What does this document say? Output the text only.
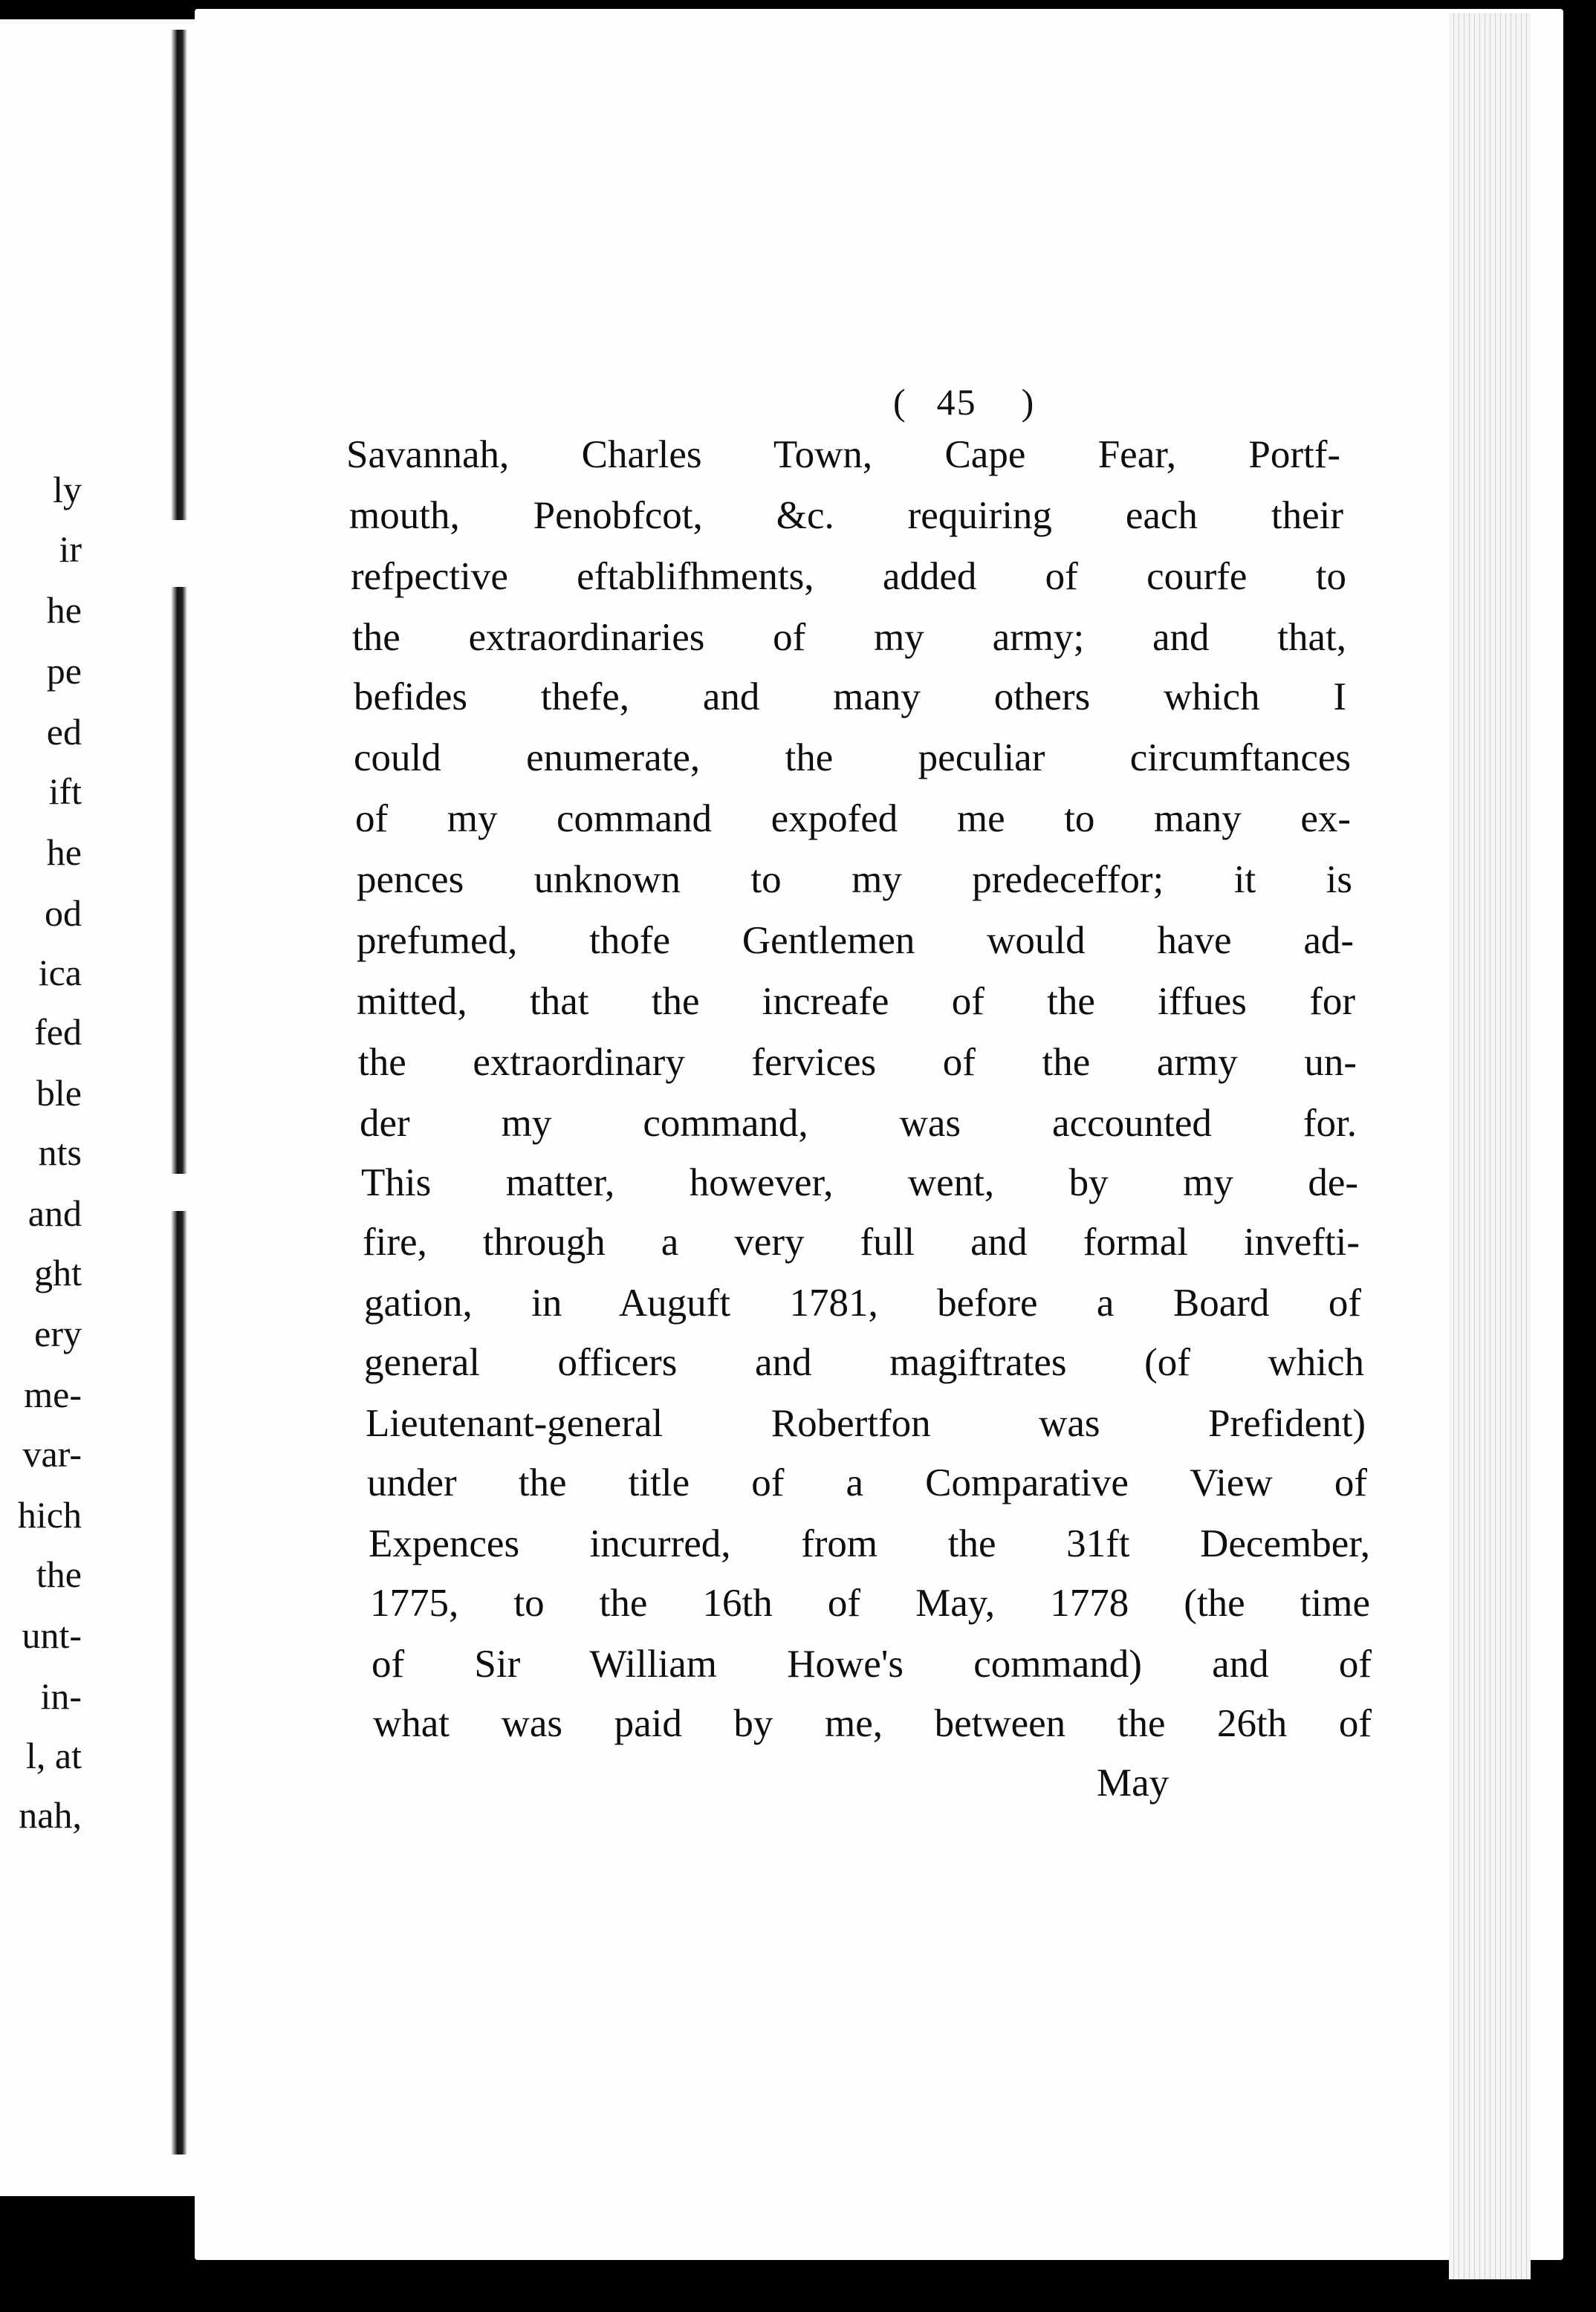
ly
ir
he
pe
ed
ift
he
od
ica
fed
ble
nts
and
ght
ery
me-
var-
hich
the
unt-
in-
l, at
nah,
( 45 )
Savannah, Charles Town, Cape Fear, Portf-
mouth, Penobfcot, &c. requiring each their
refpective eftablifhments, added of courfe to
the extraordinaries of my army; and that,
befides thefe, and many others which I
could enumerate, the peculiar circumftances
of my command expofed me to many ex-
pences unknown to my predeceffor; it is
prefumed, thofe Gentlemen would have ad-
mitted, that the increafe of the iffues for
the extraordinary fervices of the army un-
der my command, was accounted for.
This matter, however, went, by my de-
fire, through a very full and formal invefti-
gation, in Auguft 1781, before a Board of
general officers and magiftrates (of which
Lieutenant-general Robertfon was Prefident)
under the title of a Comparative View of
Expences incurred, from the 31ft December,
1775, to the 16th of May, 1778 (the time
of Sir William Howe's command) and of
what was paid by me, between the 26th of
May
